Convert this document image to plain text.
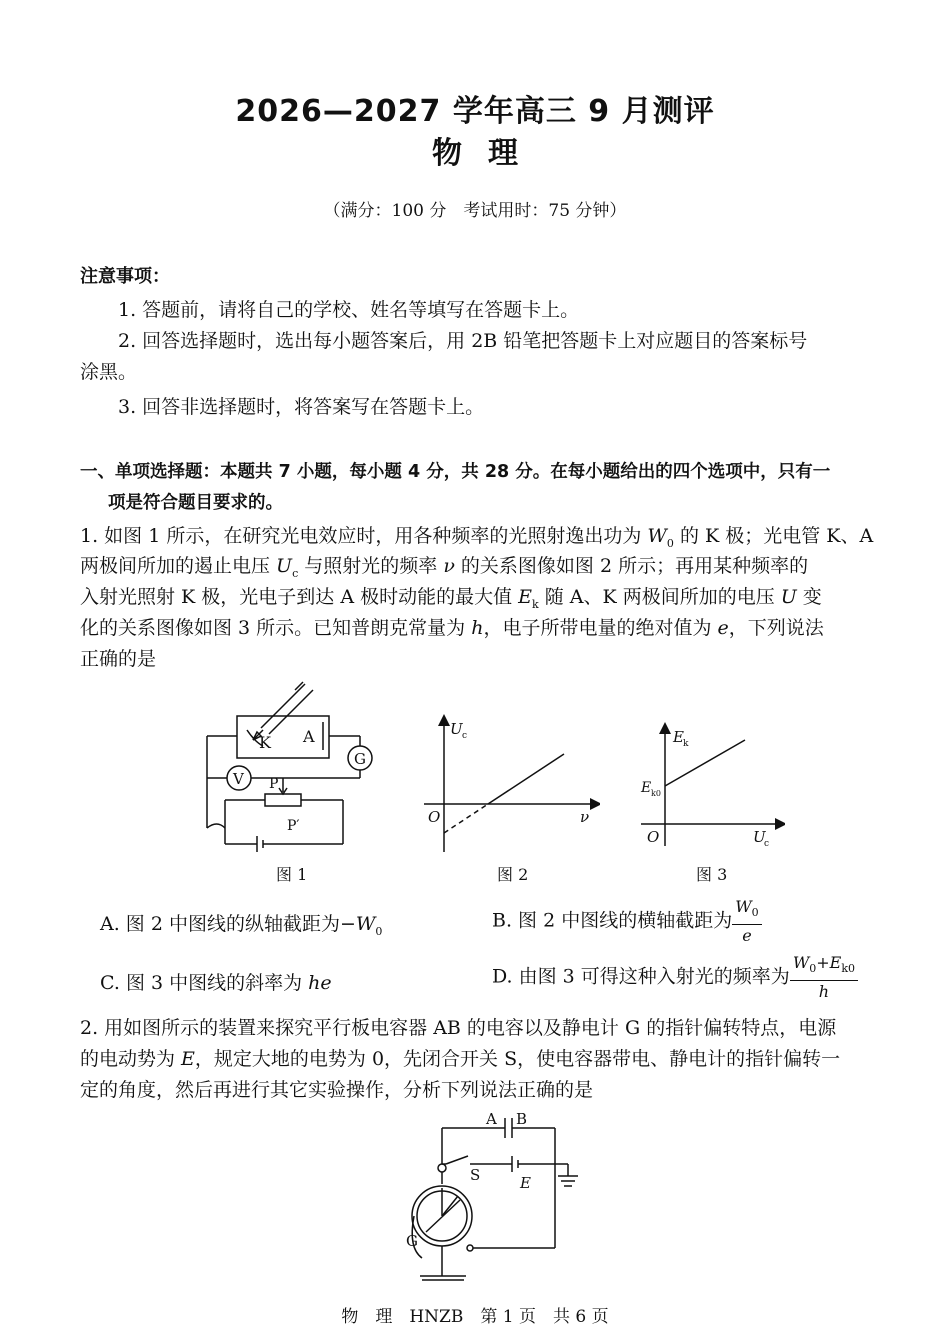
2026—2027 学年高三 9 月测评
物理
（满分：100 分　考试用时：75 分钟）
注意事项：
1. 答题前，请将自己的学校、姓名等填写在答题卡上。
2. 回答选择题时，选出每小题答案后，用 2B 铅笔把答题卡上对应题目的答案标号
涂黑。
3. 回答非选择题时，将答案写在答题卡上。
一、单项选择题：本题共 7 小题，每小题 4 分，共 28 分。在每小题给出的四个选项中，只有一
项是符合题目要求的。
1. 如图 1 所示，在研究光电效应时，用各种频率的光照射逸出功为 $W_0$ 的 K 极；光电管 K、A
两极间所加的遏止电压 $U_c$ 与照射光的频率 ν 的关系图像如图 2 所示；再用某种频率的
入射光照射 K 极，光电子到达 A 极时动能的最大值 $E_k$ 随 A、K 两极间所加的电压 U 变
化的关系图像如图 3 所示。已知普朗克常量为 h，电子所带电量的绝对值为 e，下列说法
正确的是
K A
G
V P
P′
图 1
U c
ν
O
图 2
E k
E k0
U
c
O
图 3
A. 图 2 中图线的纵轴截距为$-W_0$	B. 图 2 中图线的横轴截距为 $\frac{W_0}{e}$
C. 图 3 中图线的斜率为 he	D. 由图 3 可得这种入射光的频率为 $\frac{W_0+E_{k0}}{h}$
2. 用如图所示的装置来探究平行板电容器 AB 的电容以及静电计 G 的指针偏转特点，电源
的电动势为 E，规定大地的电势为 0，先闭合开关 S，使电容器带电、静电计的指针偏转一
定的角度，然后再进行其它实验操作，分析下列说法正确的是
A B
S	E
G
物　理　HNZB　第 1 页　共 6 页
